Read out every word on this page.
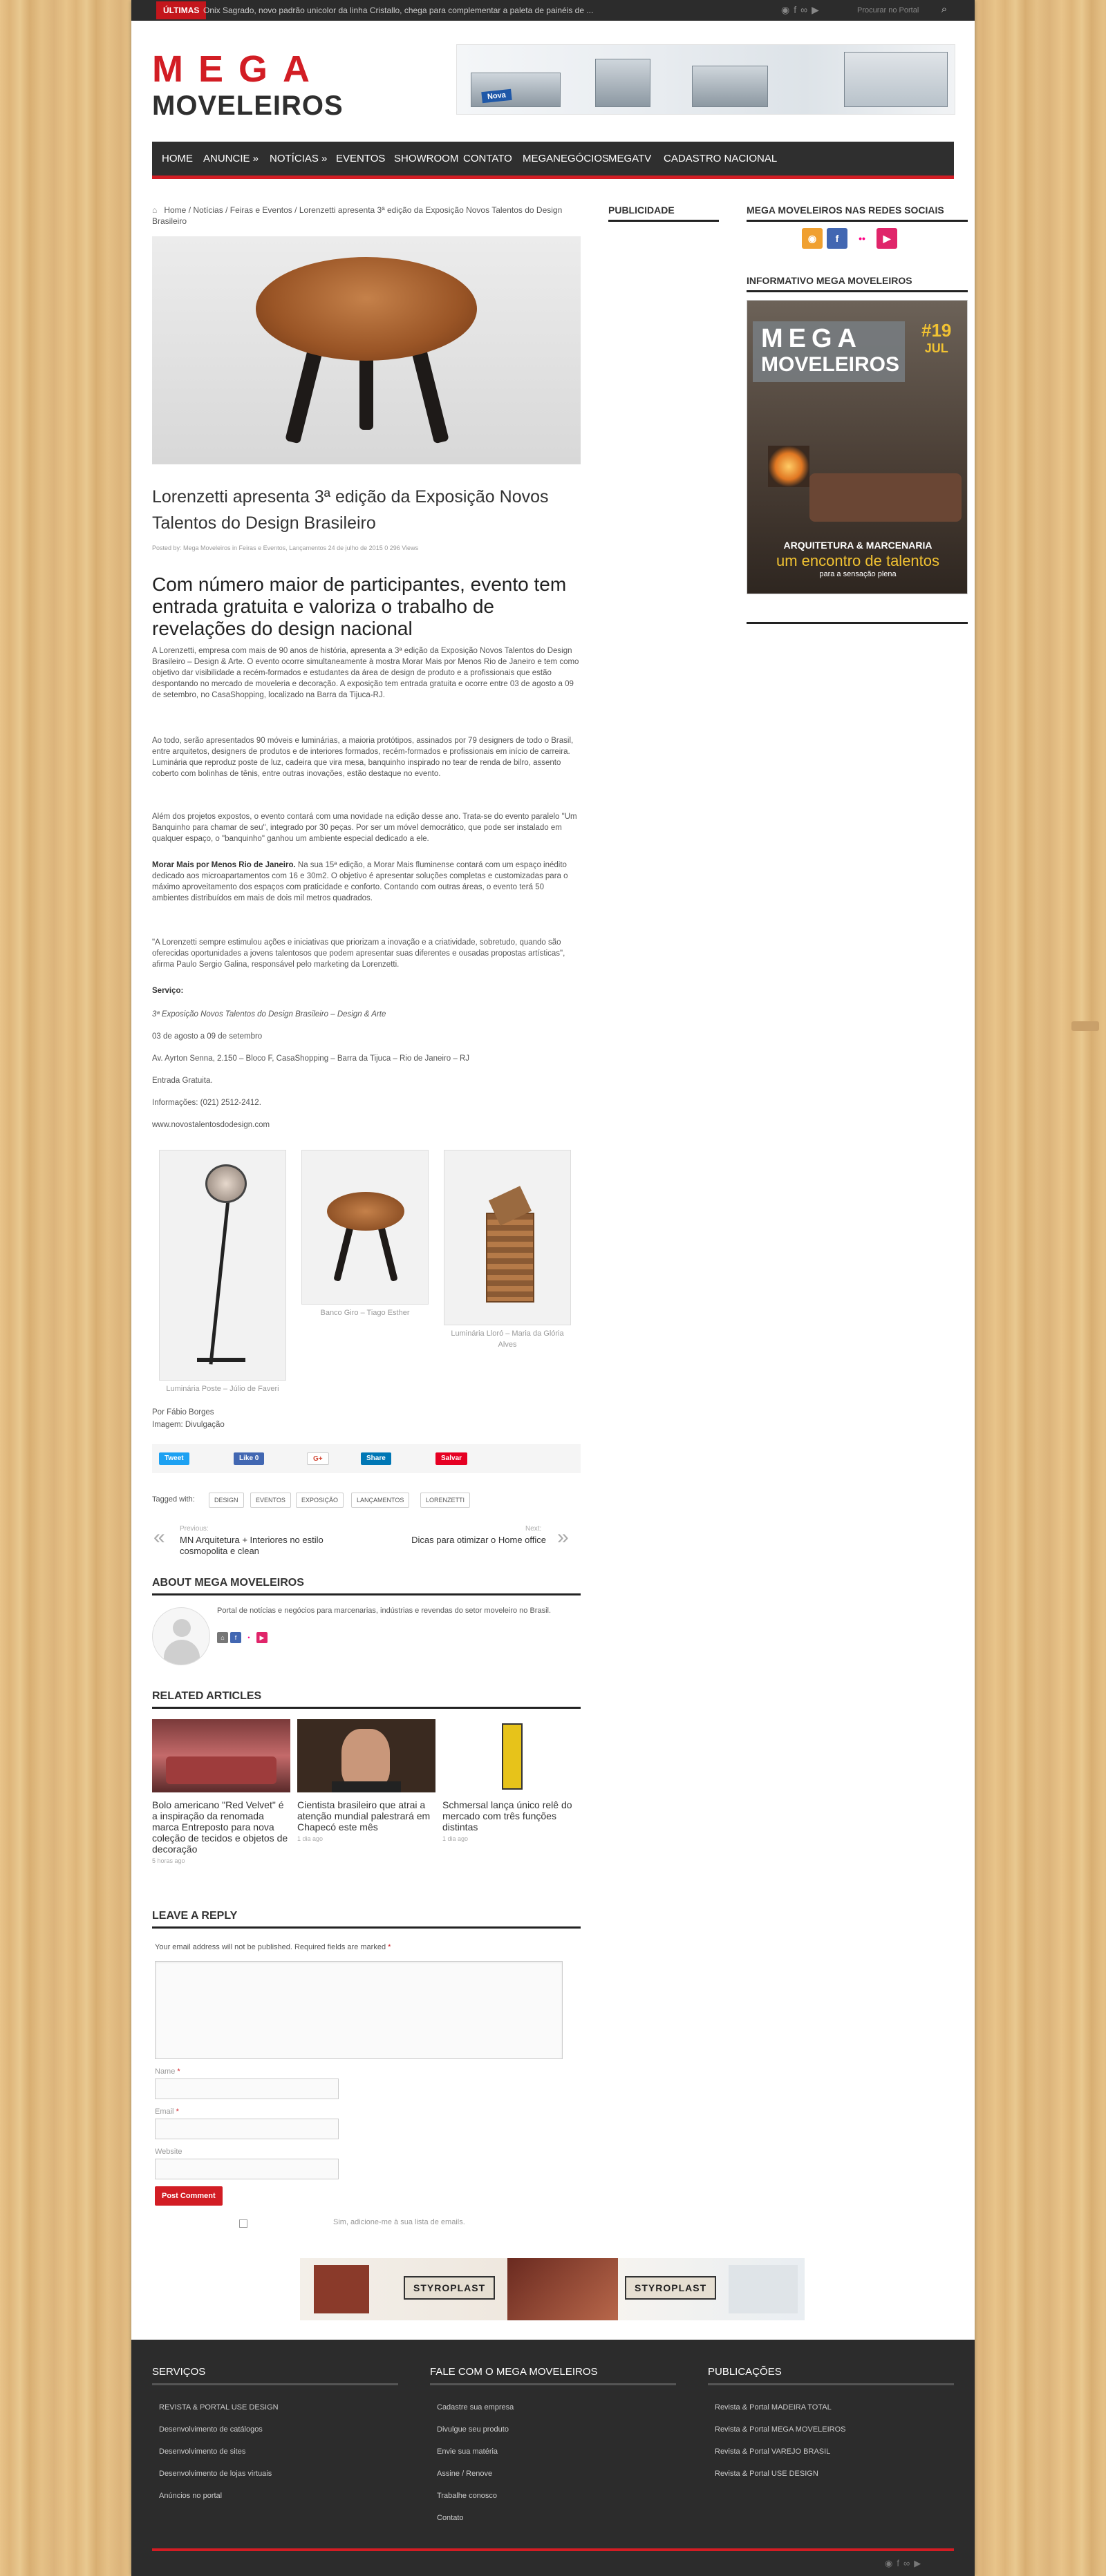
ÚLTIMAS Onix Sagrado, novo padrão unicolor da linha Cristallo, chega para complementar a paleta de painéis de ...	◉f∞▶	Procurar no Portal	⌕
MEGA
MOVELEIROS	Nova
HOME ANUNCIE » NOTÍCIAS » EVENTOS SHOWROOM CONTATO MEGANEGÓCIOS
MEGATV CADASTRO NACIONAL
⌂ Home / Notícias / Feiras e Eventos / Lorenzetti apresenta 3ª edição da Exposição Novos Talentos do Design Brasileiro
Lorenzetti apresenta 3ª edição da Exposição Novos Talentos do Design Brasileiro
Posted by: Mega Moveleiros in Feiras e Eventos, Lançamentos 24 de julho de 2015 0 296 Views
Com número maior de participantes, evento tem entrada gratuita e valoriza o trabalho de revelações do design nacional
A Lorenzetti, empresa com mais de 90 anos de história, apresenta a 3ª edição da Exposição Novos Talentos do Design Brasileiro – Design & Arte. O evento ocorre simultaneamente à mostra Morar Mais por Menos Rio de Janeiro e tem como objetivo dar visibilidade a recém-formados e estudantes da área de design de produto e a profissionais que estão despontando no mercado de moveleria e decoração. A exposição tem entrada gratuita e ocorre entre 03 de agosto a 09 de setembro, no CasaShopping, localizado na Barra da Tijuca-RJ.
Ao todo, serão apresentados 90 móveis e luminárias, a maioria protótipos, assinados por 79 designers de todo o Brasil, entre arquitetos, designers de produtos e de interiores formados, recém-formados e profissionais em início de carreira. Luminária que reproduz poste de luz, cadeira que vira mesa, banquinho inspirado no tear de renda de bilro, assento coberto com bolinhas de tênis, entre outras inovações, estão destaque no evento.
Além dos projetos expostos, o evento contará com uma novidade na edição desse ano. Trata-se do evento paralelo "Um Banquinho para chamar de seu", integrado por 30 peças. Por ser um móvel democrático, que pode ser instalado em qualquer espaço, o "banquinho" ganhou um ambiente especial dedicado a ele.
Morar Mais por Menos Rio de Janeiro. Na sua 15ª edição, a Morar Mais fluminense contará com um espaço inédito dedicado aos microapartamentos com 16 e 30m2. O objetivo é apresentar soluções completas e customizadas para o máximo aproveitamento dos espaços com praticidade e conforto. Contando com outras áreas, o evento terá 50 ambientes distribuídos em mais de dois mil metros quadrados.
"A Lorenzetti sempre estimulou ações e iniciativas que priorizam a inovação e a criatividade, sobretudo, quando são oferecidas oportunidades a jovens talentosos que podem apresentar suas diferentes e ousadas propostas artísticas", afirma Paulo Sergio Galina, responsável pelo marketing da Lorenzetti.
Serviço:
3ª Exposição Novos Talentos do Design Brasileiro – Design & Arte
03 de agosto a 09 de setembro
Av. Ayrton Senna, 2.150 – Bloco F, CasaShopping – Barra da Tijuca – Rio de Janeiro – RJ
Entrada Gratuita.
Informações: (021) 2512-2412.
www.novostalentosdodesign.com
Luminária Poste – Júlio de Faveri
Banco Giro – Tiago Esther
Luminária Lloró – Maria da Glória Alves
Por Fábio Borges
Imagem: Divulgação
Tweet	Like 0	G+	Share	Salvar
Tagged with:	DESIGN	EVENTOS	EXPOSIÇÃO	LANÇAMENTOS	LORENZETTI
« Previous:
MN Arquitetura + Interiores no estilo cosmopolita e clean
Next:
Dicas para otimizar o Home office »
ABOUT MEGA MOVELEIROS
Portal de notícias e negócios para marcenarias, indústrias e revendas do setor moveleiro no Brasil.
⌂ f • ▶
RELATED ARTICLES
Bolo americano "Red Velvet" é a inspiração da renomada marca Entreposto para nova coleção de tecidos e objetos de decoração
5 horas ago
Cientista brasileiro que atrai a atenção mundial palestrará em Chapecó este mês
1 dia ago
Schmersal lança único relê do mercado com três funções distintas
1 dia ago
LEAVE A REPLY
Your email address will not be published. Required fields are marked *
Name *
Email *
Website
Post Comment
Sim, adicione-me à sua lista de emails.
STYROPLAST	STYROPLAST
PUBLICIDADE	MEGA MOVELEIROS NAS REDES SOCIAIS
◉	f	••	▶
INFORMATIVO MEGA MOVELEIROS
MEGA
MOVELEIROS
#19
JUL
ARQUITETURA & MARCENARIA
um encontro de talentos
para a sensação plena
SERVIÇOS	FALE COM O MEGA MOVELEIROS	PUBLICAÇÕES
REVISTA & PORTAL USE DESIGN
Desenvolvimento de catálogos
Desenvolvimento de sites
Desenvolvimento de lojas virtuais
Anúncios no portal
Cadastre sua empresa
Divulgue seu produto
Envie sua matéria
Assine / Renove
Trabalhe conosco
Contato
Revista & Portal MADEIRA TOTAL
Revista & Portal MEGA MOVELEIROS
Revista & Portal VAREJO BRASIL
Revista & Portal USE DESIGN
◉f∞▶
